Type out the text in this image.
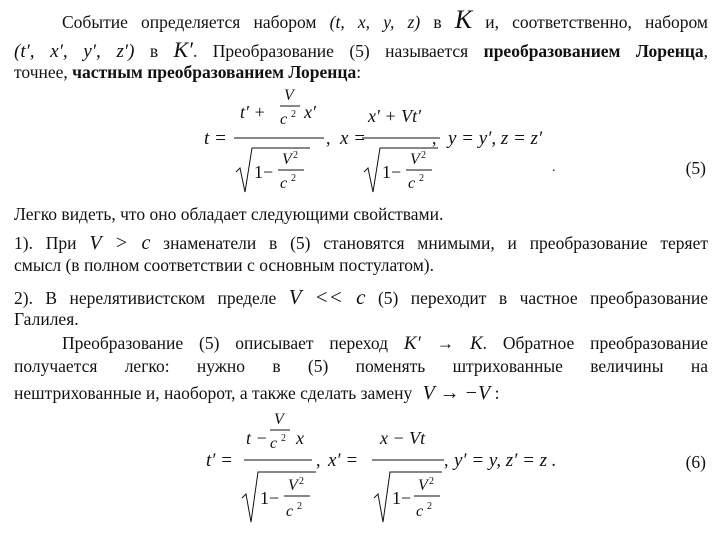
Событие определяется набором (t, x, y, z) в K и, соответственно, набором
(t′, x′, y′, z′) в K′. Преобразование (5) называется преобразованием Лоренца,
точнее, частным преобразованием Лоренца:
t =
t′ +
V
c 2 x′
1−
V 2
c 2
, x =
x′ + Vt′
1−
V 2
c 2
, y = y′, z = z′
(5)
.
Легко видеть, что оно обладает следующими свойствами.
1). При V > c знаменатели в (5) становятся мнимыми, и преобразование теряет
смысл (в полном соответствии с основным постулатом).
2). В нерелятивистском пределе V << c (5) переходит в частное преобразование
Галилея.
Преобразование (5) описывает переход K′ → K. Обратное преобразование
получается легко: нужно в (5) поменять штрихованные величины на
нештрихованные и, наоборот, а также сделать замену V → −V :
t′ =
t −
V
c 2 x
1−
V 2
c 2
, x′ =
x − Vt
1−
V 2
c 2
, y′ = y, z′ = z .	(6)
